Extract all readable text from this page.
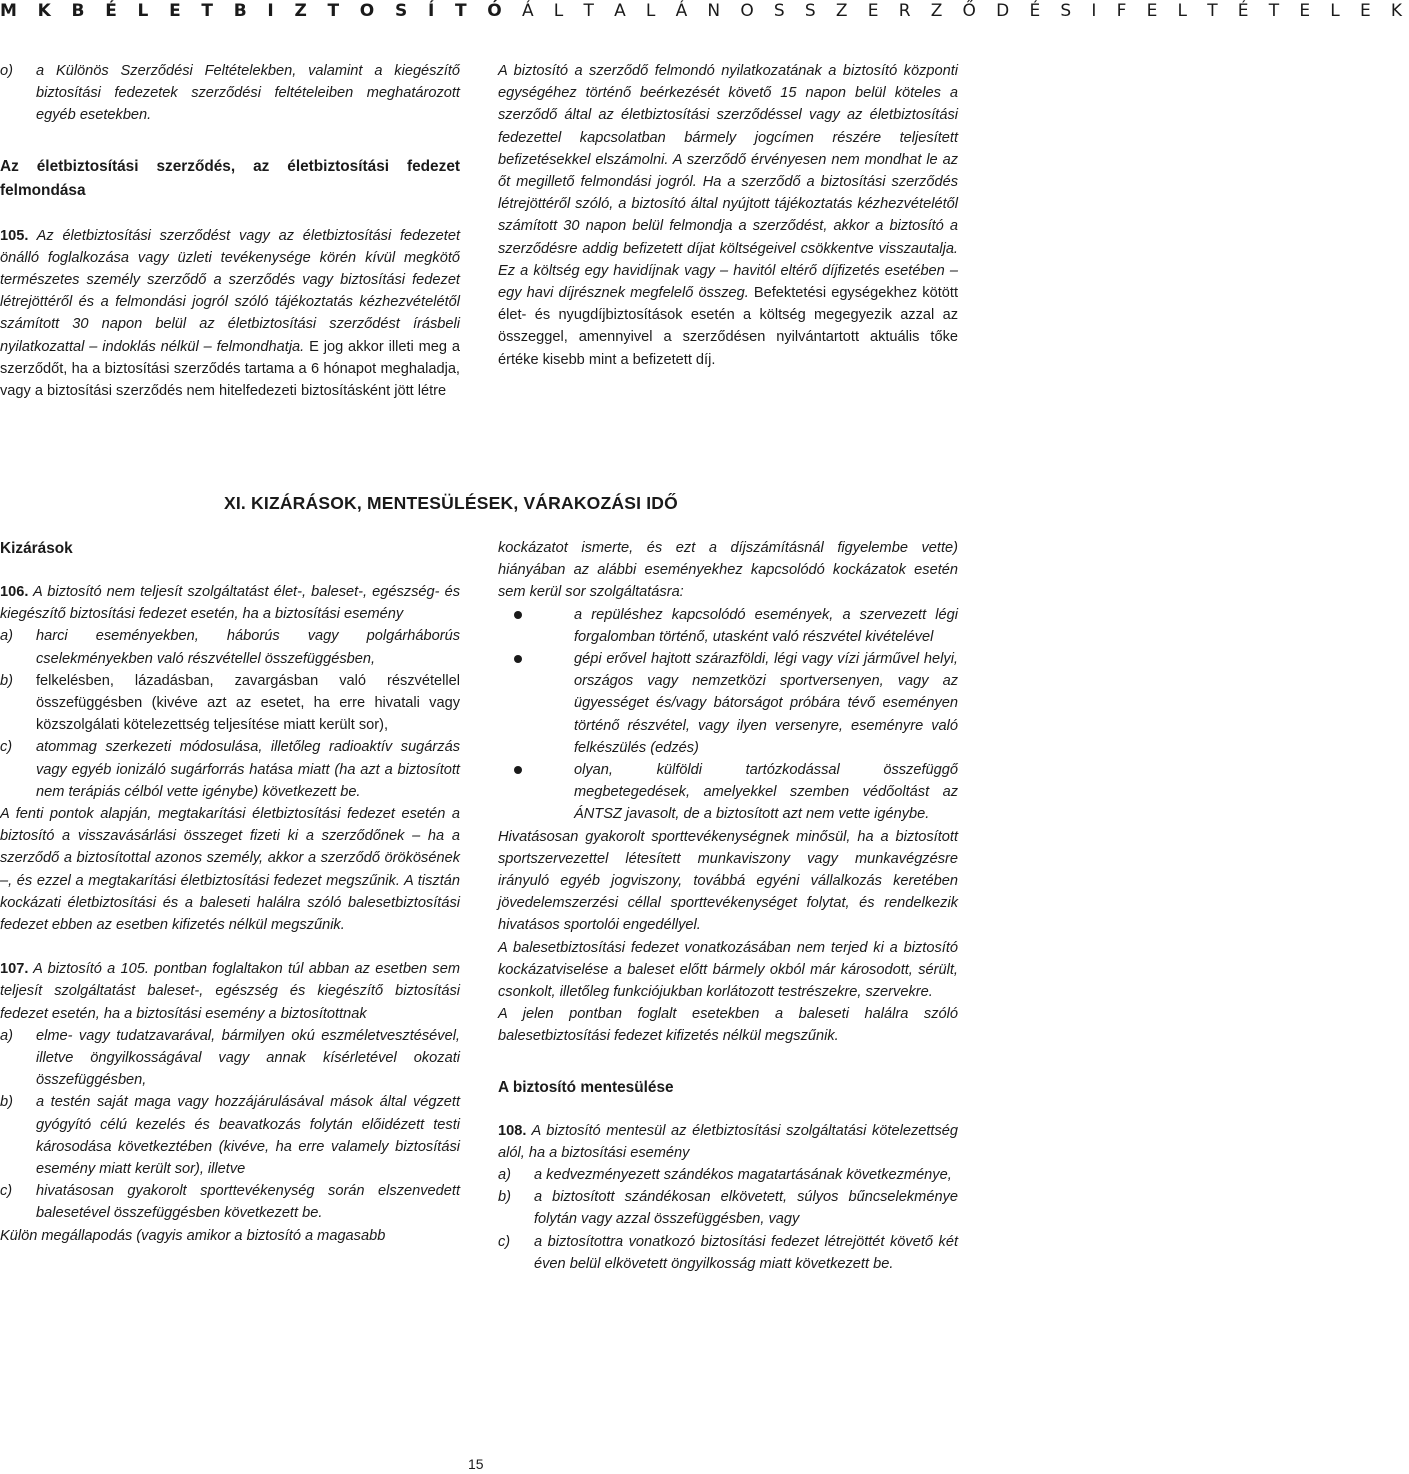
M K B É L E T B I Z T O S Í T Ó Á L T A L Á N O S S Z E R Z Ő D É S I F E L T É T E L E K

o) a Különös Szerződési Feltételekben, valamint a kiegészítő biztosítási fedezetek szerződési feltételeiben meghatározott egyéb esetekben.

Az életbiztosítási szerződés, az életbiztosítási fedezet felmondása

105. Az életbiztosítási szerződést vagy az életbiztosítási fedezetet önálló foglalkozása vagy üzleti tevékenysége körén kívül megkötő természetes személy szerződő a szerződés vagy biztosítási fedezet létrejöttéről és a felmondási jogról szóló tájékoztatás kézhezvételétől számított 30 napon belül az életbiztosítási szerződést írásbeli nyilatkozattal – indoklás nélkül – felmondhatja. E jog akkor illeti meg a szerződőt, ha a biztosítási szerződés tartama a 6 hónapot meghaladja, vagy a biztosítási szerződés nem hitelfedezeti biztosításként jött létre

A biztosító a szerződő felmondó nyilatkozatának a biztosító központi egységéhez történő beérkezését követő 15 napon belül köteles a szerződő által az életbiztosítási szerződéssel vagy az életbiztosítási fedezettel kapcsolatban bármely jogcímen részére teljesített befizetésekkel elszámolni. A szerződő érvényesen nem mondhat le az őt megillető felmondási jogról. Ha a szerződő a biztosítási szerződés létrejöttéről szóló, a biztosító által nyújtott tájékoztatás kézhezvételétől számított 30 napon belül felmondja a szerződést, akkor a biztosító a szerződésre addig befizetett díjat költségeivel csökkentve visszautalja. Ez a költség egy havidíjnak vagy – havitól eltérő díjfizetés esetében – egy havi díjrésznek megfelelő összeg. Befektetési egységekhez kötött élet- és nyugdíjbiztosítások esetén a költség megegyezik azzal az összeggel, amennyivel a szerződésen nyilvántartott aktuális tőke értéke kisebb mint a befizetett díj.

XI. KIZÁRÁSOK, MENTESÜLÉSEK, VÁRAKOZÁSI IDŐ

Kizárások

106. A biztosító nem teljesít szolgáltatást élet-, baleset-, egészség- és kiegészítő biztosítási fedezet esetén, ha a biztosítási esemény

a) harci eseményekben, háborús vagy polgárháborús cselekményekben való részvétellel összefüggésben,

b) felkelésben, lázadásban, zavargásban való részvétellel összefüggésben (kivéve azt az esetet, ha erre hivatali vagy közszolgálati kötelezettség teljesítése miatt került sor),

c) atommag szerkezeti módosulása, illetőleg radioaktív sugárzás vagy egyéb ionizáló sugárforrás hatása miatt (ha azt a biztosított nem terápiás célból vette igénybe) következett be.

A fenti pontok alapján, megtakarítási életbiztosítási fedezet esetén a biztosító a visszavásárlási összeget fizeti ki a szerződőnek – ha a szerződő a biztosítottal azonos személy, akkor a szerződő örökösének –, és ezzel a megtakarítási életbiztosítási fedezet megszűnik. A tisztán kockázati életbiztosítási és a baleseti halálra szóló balesetbiztosítási fedezet ebben az esetben kifizetés nélkül megszűnik.

107. A biztosító a 105. pontban foglaltakon túl abban az esetben sem teljesít szolgáltatást baleset-, egészség és kiegészítő biztosítási fedezet esetén, ha a biztosítási esemény a biztosítottnak

a) elme- vagy tudatzavarával, bármilyen okú eszméletvesztésével, illetve öngyilkosságával vagy annak kísérletével okozati összefüggésben,

b) a testén saját maga vagy hozzájárulásával mások által végzett gyógyító célú kezelés és beavatkozás folytán előidézett testi károsodása következtében (kivéve, ha erre valamely biztosítási esemény miatt került sor), illetve

c) hivatásosan gyakorolt sporttevékenység során elszenvedett balesetével összefüggésben következett be.

Külön megállapodás (vagyis amikor a biztosító a magasabb

kockázatot ismerte, és ezt a díjszámításnál figyelembe vette) hiányában az alábbi eseményekhez kapcsolódó kockázatok esetén sem kerül sor szolgáltatásra:

a repüléshez kapcsolódó események, a szervezett légi forgalomban történő, utasként való részvétel kivételével

gépi erővel hajtott szárazföldi, légi vagy vízi járművel helyi, országos vagy nemzetközi sportversenyen, vagy az ügyességet és/vagy bátorságot próbára tévő eseményen történő részvétel, vagy ilyen versenyre, eseményre való felkészülés (edzés)

olyan, külföldi tartózkodással összefüggő megbetegedések, amelyekkel szemben védőoltást az ÁNTSZ javasolt, de a biztosított azt nem vette igénybe.

Hivatásosan gyakorolt sporttevékenységnek minősül, ha a biztosított sportszervezettel létesített munkaviszony vagy munkavégzésre irányuló egyéb jogviszony, továbbá egyéni vállalkozás keretében jövedelemszerzési céllal sporttevékenységet folytat, és rendelkezik hivatásos sportolói engedéllyel.

A balesetbiztosítási fedezet vonatkozásában nem terjed ki a biztosító kockázatviselése a baleset előtt bármely okból már károsodott, sérült, csonkolt, illetőleg funkciójukban korlátozott testrészekre, szervekre.

A jelen pontban foglalt esetekben a baleseti halálra szóló balesetbiztosítási fedezet kifizetés nélkül megszűnik.

A biztosító mentesülése

108. A biztosító mentesül az életbiztosítási szolgáltatási kötelezettség alól, ha a biztosítási esemény

a) a kedvezményezett szándékos magatartásának következménye,

b) a biztosított szándékosan elkövetett, súlyos bűncselekménye folytán vagy azzal összefüggésben, vagy

c) a biztosítottra vonatkozó biztosítási fedezet létrejöttét követő két éven belül elkövetett öngyilkosság miatt következett be.

15
